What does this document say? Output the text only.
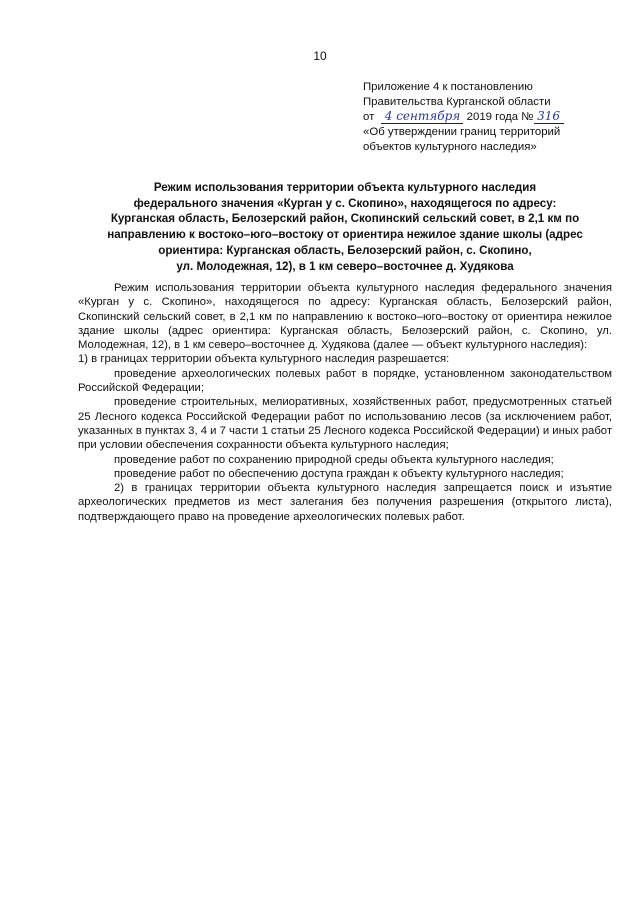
10
Приложение 4 к постановлению
Правительства Курганской области
от 4 сентября 2019 года № 316
«Об утверждении границ территорий
объектов культурного наследия»
Режим использования территории объекта культурного наследия
федерального значения «Курган у с. Скопино», находящегося по адресу:
Курганская область, Белозерский район, Скопинский сельский совет, в 2,1 км по
направлению к востоко–юго–востоку от ориентира нежилое здание школы (адрес
ориентира: Курганская область, Белозерский район, с. Скопино,
ул. Молодежная, 12), в 1 км северо–восточнее д. Худякова

Режим использования территории объекта культурного наследия федерального значения «Курган у с. Скопино», находящегося по адресу: Курганская область, Белозерский район, Скопинский сельский совет, в 2,1 км по направлению к востоко–юго–востоку от ориентира нежилое здание школы (адрес ориентира: Курганская область, Белозерский район, с. Скопино, ул. Молодежная, 12), в 1 км северо–восточнее д. Худякова (далее — объект культурного наследия):

1) в границах территории объекта культурного наследия разрешается:

проведение археологических полевых работ в порядке, установленном законодательством Российской Федерации;

проведение строительных, мелиоративных, хозяйственных работ, предусмотренных статьей 25 Лесного кодекса Российской Федерации работ по использованию лесов (за исключением работ, указанных в пунктах 3, 4 и 7 части 1 статьи 25 Лесного кодекса Российской Федерации) и иных работ при условии обеспечения сохранности объекта культурного наследия;

проведение работ по сохранению природной среды объекта культурного наследия;

проведение работ по обеспечению доступа граждан к объекту культурного наследия;

2) в границах территории объекта культурного наследия запрещается поиск и изъятие археологических предметов из мест залегания без получения разрешения (открытого листа), подтверждающего право на проведение археологических полевых работ.
